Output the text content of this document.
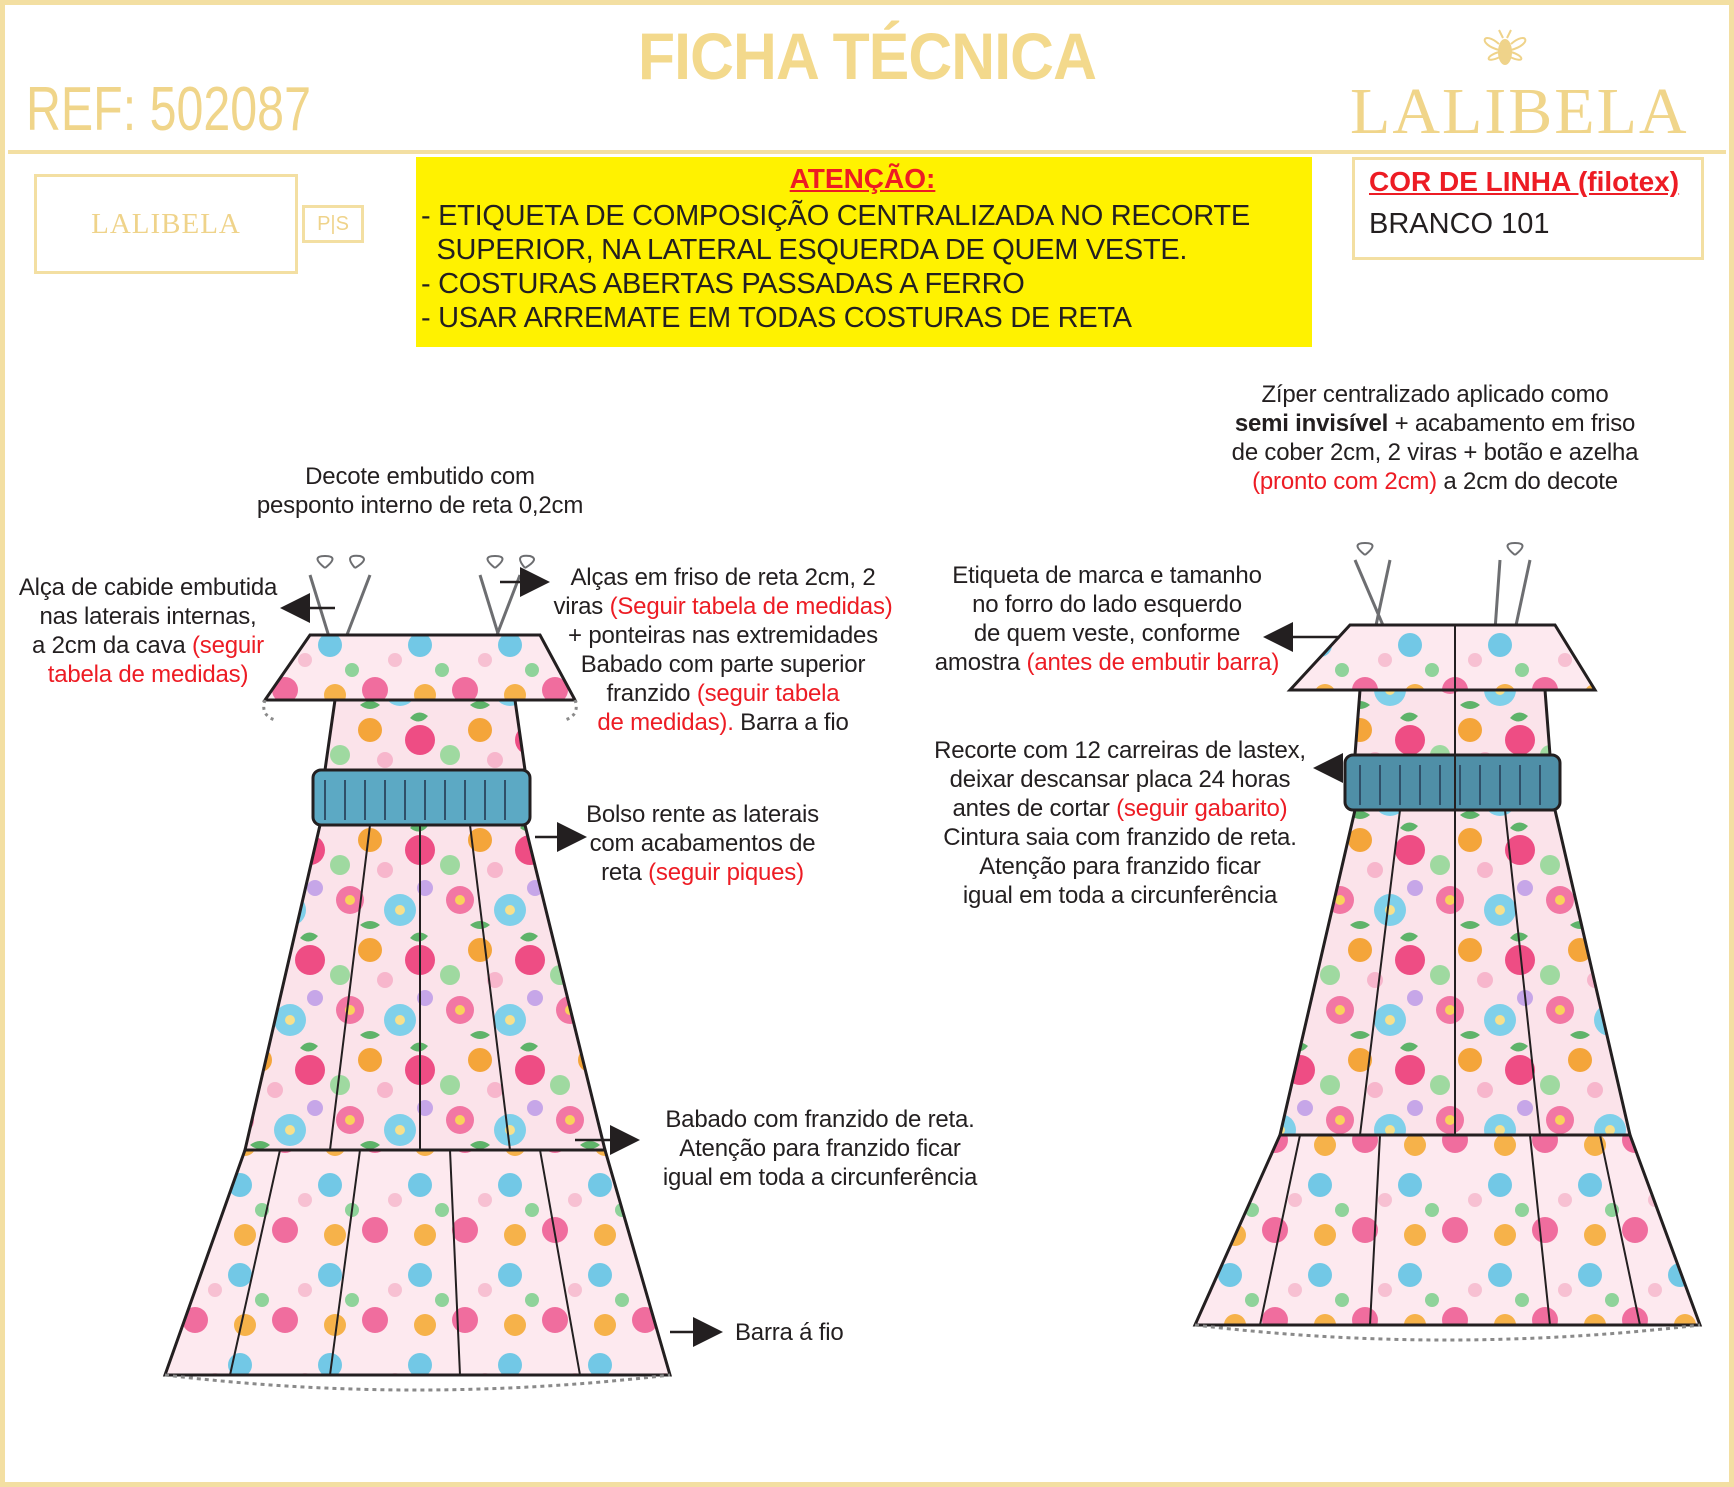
FICHA TÉCNICA
REF: 502087	LALIBELA
LALIBELA	P|S
ATENÇÃO:
- ETIQUETA DE COMPOSIÇÃO CENTRALIZADA NO RECORTE
SUPERIOR, NA LATERAL ESQUERDA DE QUEM VESTE.
- COSTURAS ABERTAS PASSADAS A FERRO
- USAR ARREMATE EM TODAS COSTURAS DE RETA
COR DE LINHA (filotex)
BRANCO 101
Decote embutido com
pesponto interno de reta 0,2cm
Alça de cabide embutida
nas laterais internas,
a 2cm da cava (seguir
tabela de medidas)
Alças em friso de reta 2cm, 2
viras (Seguir tabela de medidas)
+ ponteiras nas extremidades
Babado com parte superior
franzido (seguir tabela
de medidas). Barra a fio
Bolso rente as laterais
com acabamentos de
reta (seguir piques)
Babado com franzido de reta.
Atenção para franzido ficar
igual em toda a circunferência
Barra á fio
Zíper centralizado aplicado como
semi invisível + acabamento em friso
de cober 2cm, 2 viras + botão e azelha
(pronto com 2cm) a 2cm do decote
Etiqueta de marca e tamanho
no forro do lado esquerdo
de quem veste, conforme
amostra (antes de embutir barra)
Recorte com 12 carreiras de lastex,
deixar descansar placa 24 horas
antes de cortar (seguir gabarito)
Cintura saia com franzido de reta.
Atenção para franzido ficar
igual em toda a circunferência
